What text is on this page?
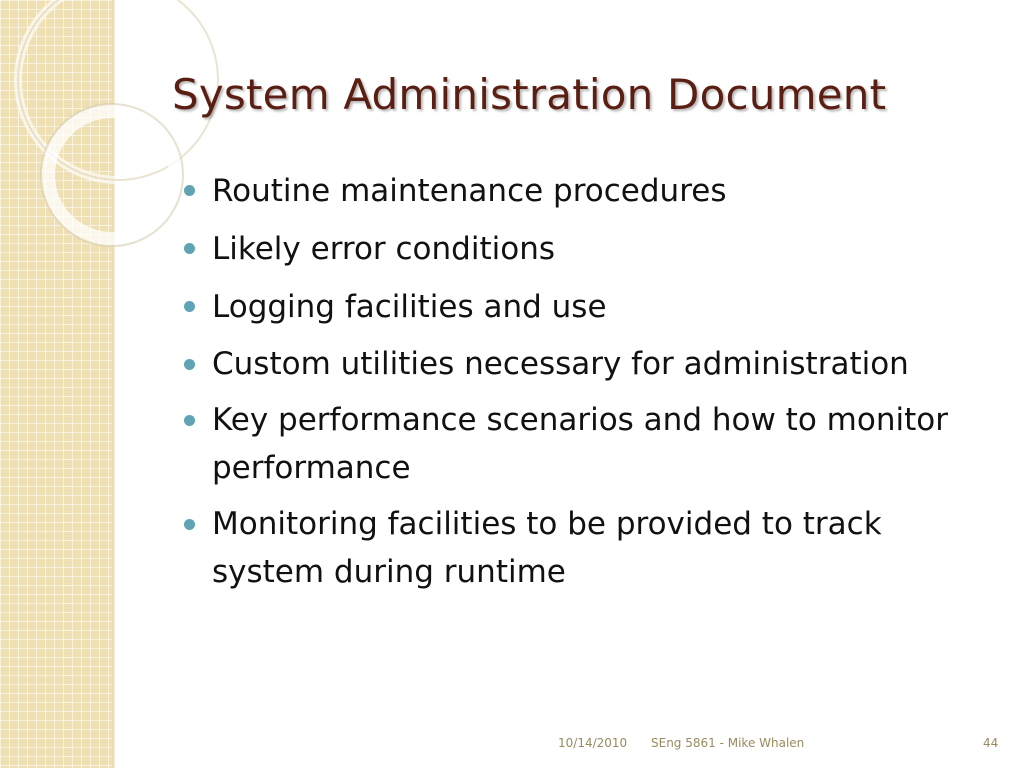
System Administration Document
Routine maintenance procedures
Likely error conditions
Logging facilities and use
Custom utilities necessary for administration
Key performance scenarios and how to monitor performance
Monitoring facilities to be provided to track system during runtime
10/14/2010 SEng 5861 - Mike Whalen	44
